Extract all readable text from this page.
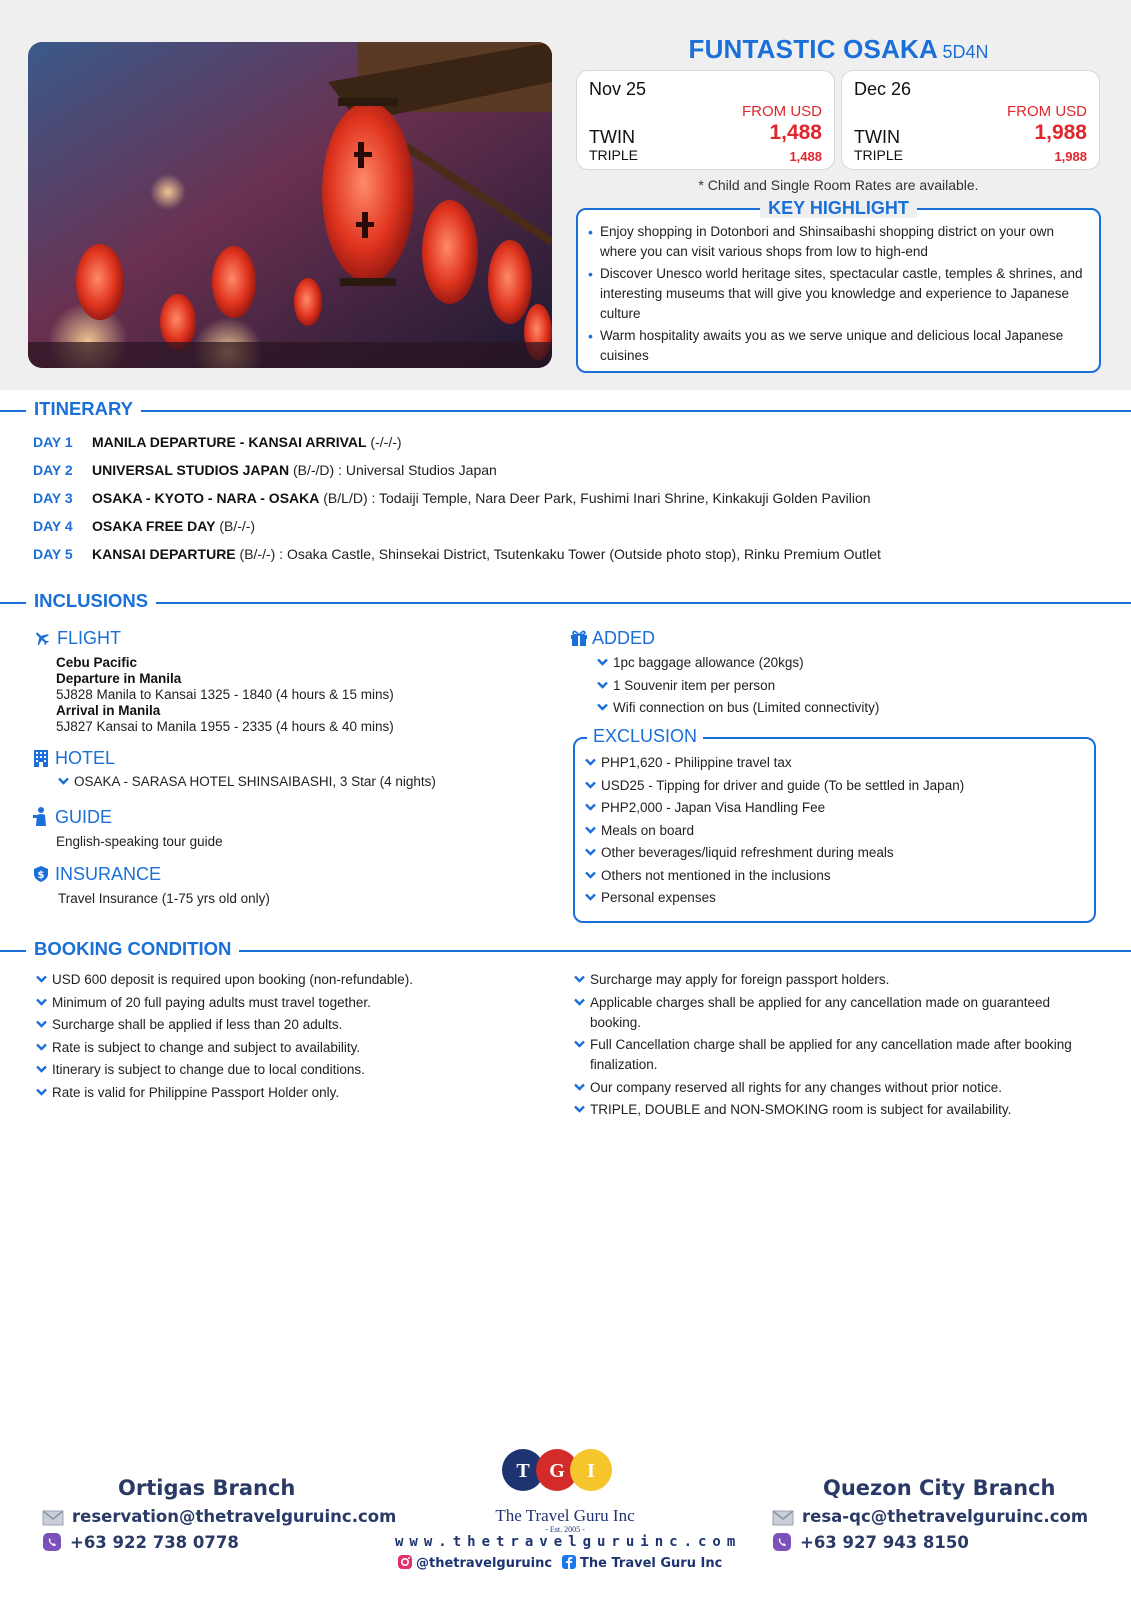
FUNTASTIC OSAKA 5D4N
Nov 25
FROM USD
TWIN	1,488
TRIPLE	1,488
Dec 26
FROM USD
TWIN	1,988
TRIPLE	1,988
* Child and Single Room Rates are available.
KEY HIGHLIGHT
• Enjoy shopping in Dotonbori and Shinsaibashi shopping district on your own where you can visit various shops from low to high-end
• Discover Unesco world heritage sites, spectacular castle, temples & shrines, and interesting museums that will give you knowledge and experience to Japanese culture
• Warm hospitality awaits you as we serve unique and delicious local Japanese cuisines
ITINERARY
DAY 1 MANILA DEPARTURE - KANSAI ARRIVAL (-/-/-)
DAY 2 UNIVERSAL STUDIOS JAPAN (B/-/D) : Universal Studios Japan
DAY 3 OSAKA - KYOTO - NARA - OSAKA (B/L/D) : Todaiji Temple, Nara Deer Park, Fushimi Inari Shrine, Kinkakuji Golden Pavilion
DAY 4 OSAKA FREE DAY (B/-/-)
DAY 5 KANSAI DEPARTURE (B/-/-) : Osaka Castle, Shinsekai District, Tsutenkaku Tower (Outside photo stop), Rinku Premium Outlet
INCLUSIONS
FLIGHT
Cebu Pacific
Departure in Manila
5J828 Manila to Kansai 1325 - 1840 (4 hours & 15 mins)
Arrival in Manila
5J827 Kansai to Manila 1955 - 2335 (4 hours & 40 mins)
HOTEL
OSAKA - SARASA HOTEL SHINSAIBASHI, 3 Star (4 nights)
GUIDE
English-speaking tour guide
$ INSURANCE
Travel Insurance (1-75 yrs old only)
ADDED
1pc baggage allowance (20kgs)
1 Souvenir item per person
Wifi connection on bus (Limited connectivity)
EXCLUSION
PHP1,620 - Philippine travel tax
USD25 - Tipping for driver and guide (To be settled in Japan)
PHP2,000 - Japan Visa Handling Fee
Meals on board
Other beverages/liquid refreshment during meals
Others not mentioned in the inclusions
Personal expenses
BOOKING CONDITION
USD 600 deposit is required upon booking (non-refundable).
Minimum of 20 full paying adults must travel together.
Surcharge shall be applied if less than 20 adults.
Rate is subject to change and subject to availability.
Itinerary is subject to change due to local conditions.
Rate is valid for Philippine Passport Holder only.
Surcharge may apply for foreign passport holders.
Applicable charges shall be applied for any cancellation made on guaranteed booking.
Full Cancellation charge shall be applied for any cancellation made after booking finalization.
Our company reserved all rights for any changes without prior notice.
TRIPLE, DOUBLE and NON-SMOKING room is subject for availability.
Ortigas Branch
reservation@thetravelguruinc.com
+63 922 738 0778
T G I
The Travel Guru Inc
- Est. 2005 -
www.thetravelguruinc.com
@thetravelguruinc	The Travel Guru Inc
Quezon City Branch
resa-qc@thetravelguruinc.com
+63 927 943 8150
